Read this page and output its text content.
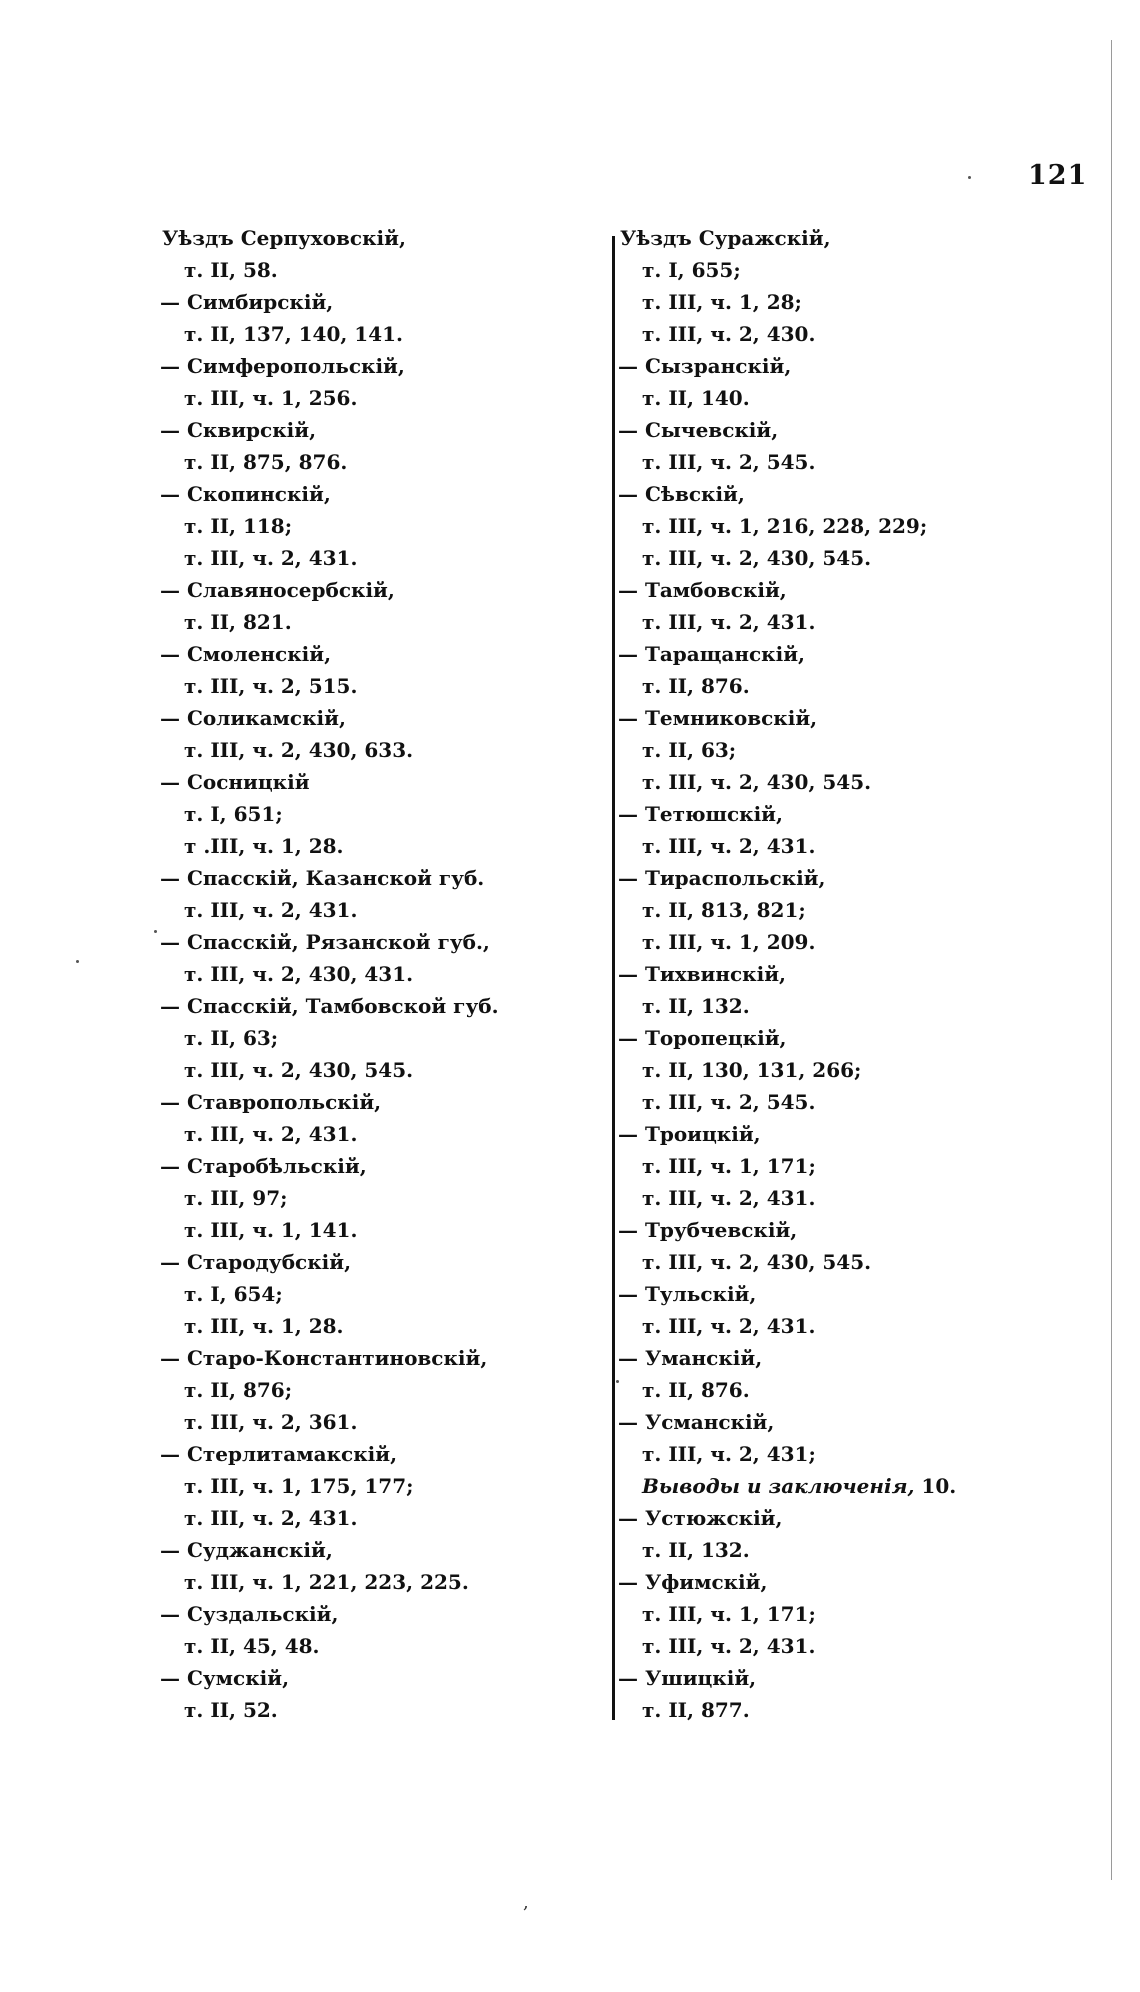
121

Уѣздъ Серпуховскій,

т. II, 58.

— Симбирскій,

т. II, 137, 140, 141.

— Симферопольскій,

т. III, ч. 1, 256.

— Сквирскій,

т. II, 875, 876.

— Скопинскій,

т. II, 118;

т. III, ч. 2, 431.

— Славяносербскій,

т. II, 821.

— Смоленскій,

т. III, ч. 2, 515.

— Соликамскій,

т. III, ч. 2, 430, 633.

— Сосницкій

т. I, 651;

т .III, ч. 1, 28.

— Спасскій, Казанской губ.

т. III, ч. 2, 431.

— Спасскій, Рязанской губ.,

т. III, ч. 2, 430, 431.

— Спасскій, Тамбовской губ.

т. II, 63;

т. III, ч. 2, 430, 545.

— Ставропольскій,

т. III, ч. 2, 431.

— Старобѣльскій,

т. III, 97;

т. III, ч. 1, 141.

— Стародубскій,

т. I, 654;

т. III, ч. 1, 28.

— Старо-Константиновскій,

т. II, 876;

т. III, ч. 2, 361.

— Стерлитамакскій,

т. III, ч. 1, 175, 177;

т. III, ч. 2, 431.

— Суджанскій,

т. III, ч. 1, 221, 223, 225.

— Суздальскій,

т. II, 45, 48.

— Сумскій,

т. II, 52.

Уѣздъ Суражскій,

т. I, 655;

т. III, ч. 1, 28;

т. III, ч. 2, 430.

— Сызранскій,

т. II, 140.

— Сычевскій,

т. III, ч. 2, 545.

— Сѣвскій,

т. III, ч. 1, 216, 228, 229;

т. III, ч. 2, 430, 545.

— Тамбовскій,

т. III, ч. 2, 431.

— Таращанскій,

т. II, 876.

— Темниковскій,

т. II, 63;

т. III, ч. 2, 430, 545.

— Тетюшскій,

т. III, ч. 2, 431.

— Тираспольскій,

т. II, 813, 821;

т. III, ч. 1, 209.

— Тихвинскій,

т. II, 132.

— Торопецкій,

т. II, 130, 131, 266;

т. III, ч. 2, 545.

— Троицкій,

т. III, ч. 1, 171;

т. III, ч. 2, 431.

— Трубчевскій,

т. III, ч. 2, 430, 545.

— Тульскій,

т. III, ч. 2, 431.

— Уманскій,

т. II, 876.

— Усманскій,

т. III, ч. 2, 431;

Выводы и заключенія, 10.

— Устюжскій,

т. II, 132.

— Уфимскій,

т. III, ч. 1, 171;

т. III, ч. 2, 431.

— Ушицкій,

т. II, 877.

,
